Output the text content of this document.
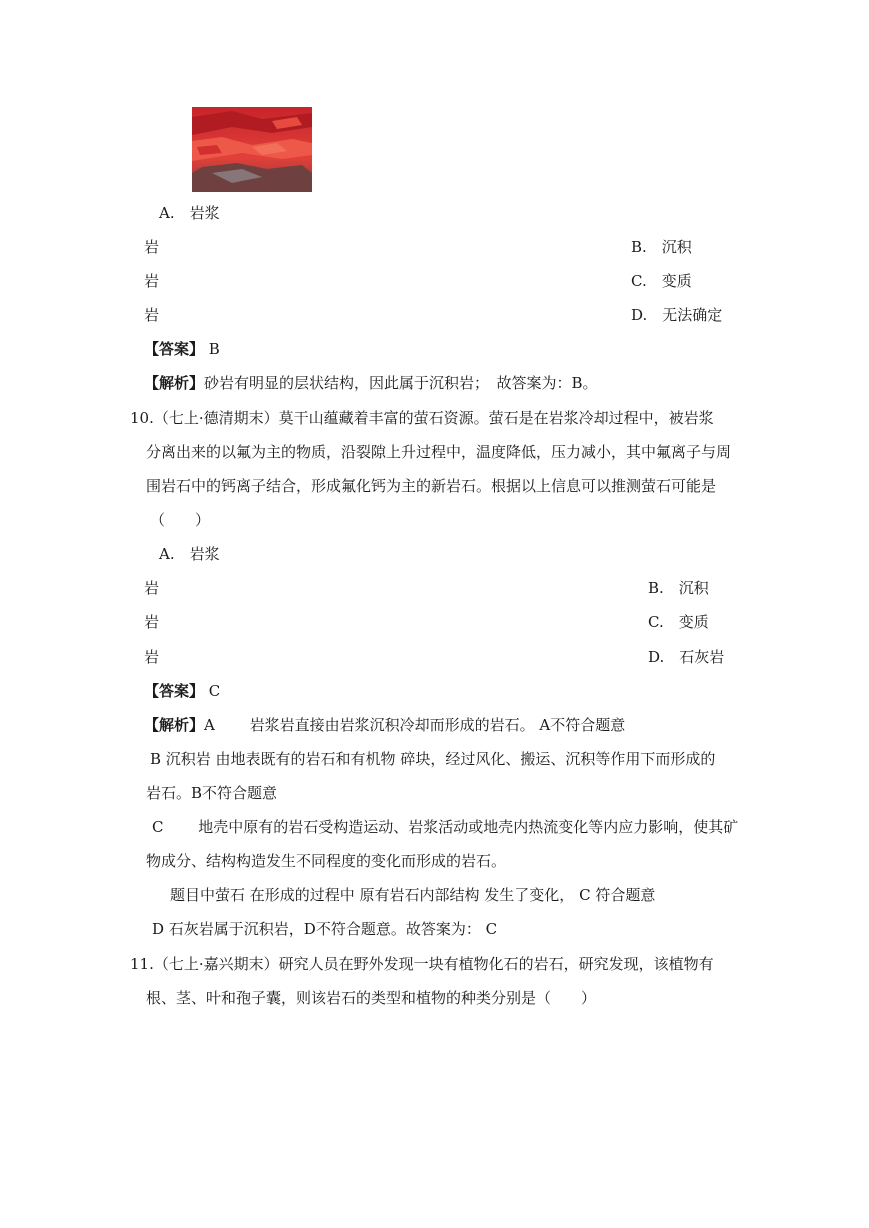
A.　岩浆
岩
岩
岩
B.　沉积
C.　变质
D.　无法确定
【答案】 B
【解析】砂岩有明显的层状结构，因此属于沉积岩；　故答案为：B。
10.（七上·德清期末）莫干山蕴藏着丰富的萤石资源。萤石是在岩浆冷却过程中，被岩浆
分离出来的以氟为主的物质，沿裂隙上升过程中，温度降低，压力减小，其中氟离子与周
围岩石中的钙离子结合，形成氟化钙为主的新岩石。根据以上信息可以推测萤石可能是
（　　）
A.　岩浆
岩
岩
岩
B.　沉积
C.　变质
D.　石灰岩
【答案】 C
【解析】A　　 岩浆岩直接由岩浆沉积冷却而形成的岩石。 A不符合题意
B 沉积岩 由地表既有的岩石和有机物 碎块，经过风化、搬运、沉积等作用下而形成的
岩石。B不符合题意
C　　 地壳中原有的岩石受构造运动、岩浆活动或地壳内热流变化等内应力影响，使其矿
物成分、结构构造发生不同程度的变化而形成的岩石。
题目中萤石 在形成的过程中 原有岩石内部结构 发生了变化， C 符合题意
D 石灰岩属于沉积岩，D不符合题意。故答案为： C
11.（七上·嘉兴期末）研究人员在野外发现一块有植物化石的岩石，研究发现，该植物有
根、茎、叶和孢子囊，则该岩石的类型和植物的种类分别是（　　）
